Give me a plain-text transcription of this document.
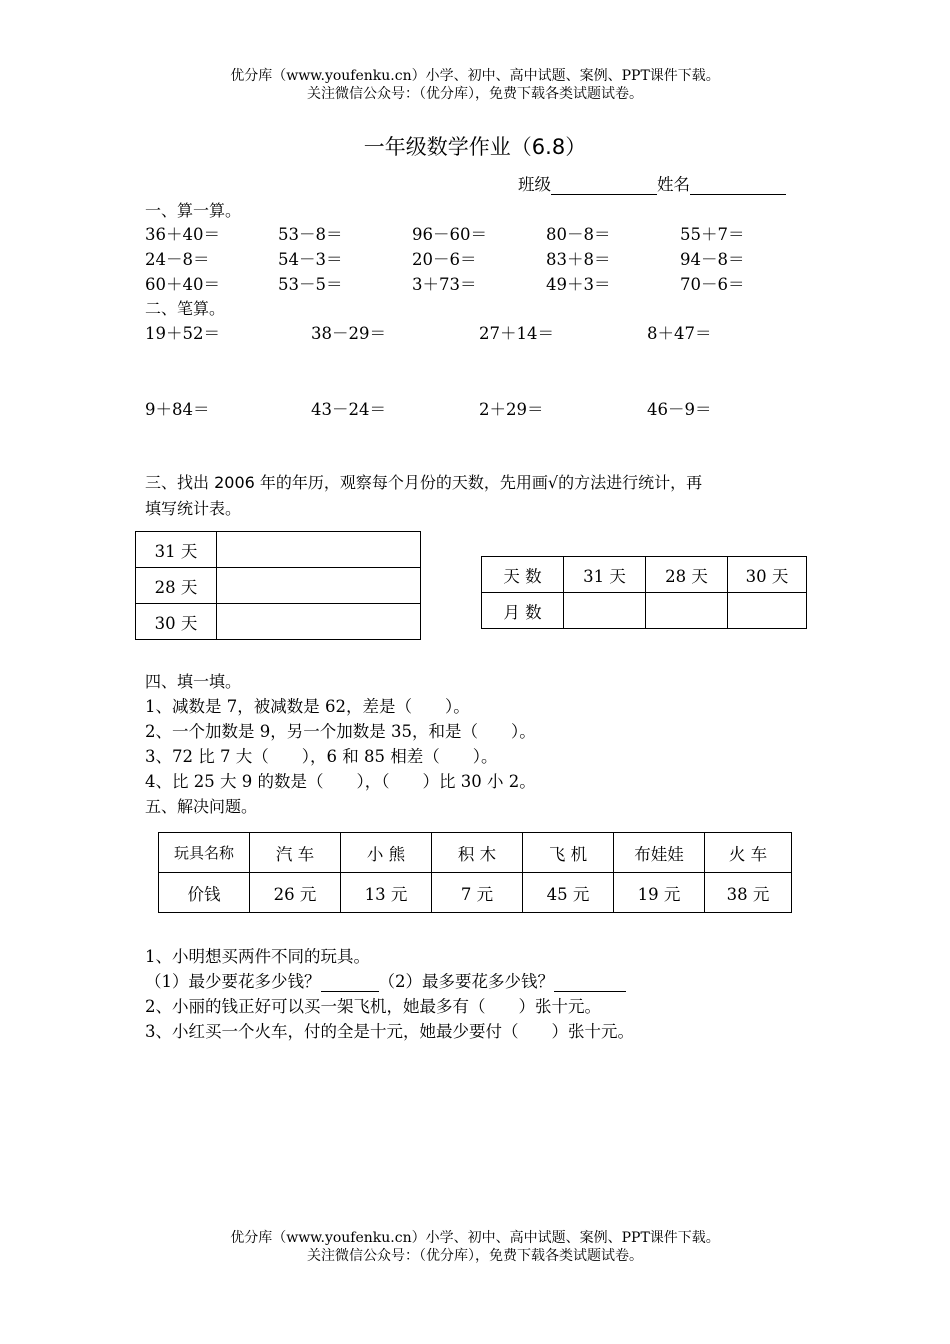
优分库（www.youfenku.cn）小学、初中、高中试题、案例、PPT课件下载。
关注微信公众号：（优分库），免费下载各类试题试卷。
一年级数学作业（6.8）
班级	姓名
一、算一算。
36＋40＝	53－8＝	96－60＝	80－8＝	55＋7＝
24－8＝	54－3＝	20－6＝	83＋8＝	94－8＝
60＋40＝	53－5＝	3＋73＝	49＋3＝	70－6＝
二、笔算。
19＋52＝	38－29＝	27＋14＝	8＋47＝
9＋84＝	43－24＝	2＋29＝	46－9＝
三、找出 2006 年的年历，观察每个月份的天数，先用画√的方法进行统计，再
填写统计表。
31 天	
28 天	
30 天	
天 数	31 天	28 天	30 天
月 数			
四、填一填。
1、减数是 7，被减数是 62，差是（　　）。
2、一个加数是 9，另一个加数是 35，和是（　　）。
3、72 比 7 大（　　），6 和 85 相差（　　）。
4、比 25 大 9 的数是（　　），（　　）比 30 小 2。
五、解决问题。
玩具名称	汽 车	小 熊	积 木	飞 机	布娃娃	火 车
价钱	26 元	13 元	7 元	45 元	19 元	38 元
1、小明想买两件不同的玩具。
（1）最少要花多少钱？	（2）最多要花多少钱？
2、小丽的钱正好可以买一架飞机，她最多有（　　）张十元。
3、小红买一个火车，付的全是十元，她最少要付（　　）张十元。
优分库（www.youfenku.cn）小学、初中、高中试题、案例、PPT课件下载。
关注微信公众号：（优分库），免费下载各类试题试卷。
